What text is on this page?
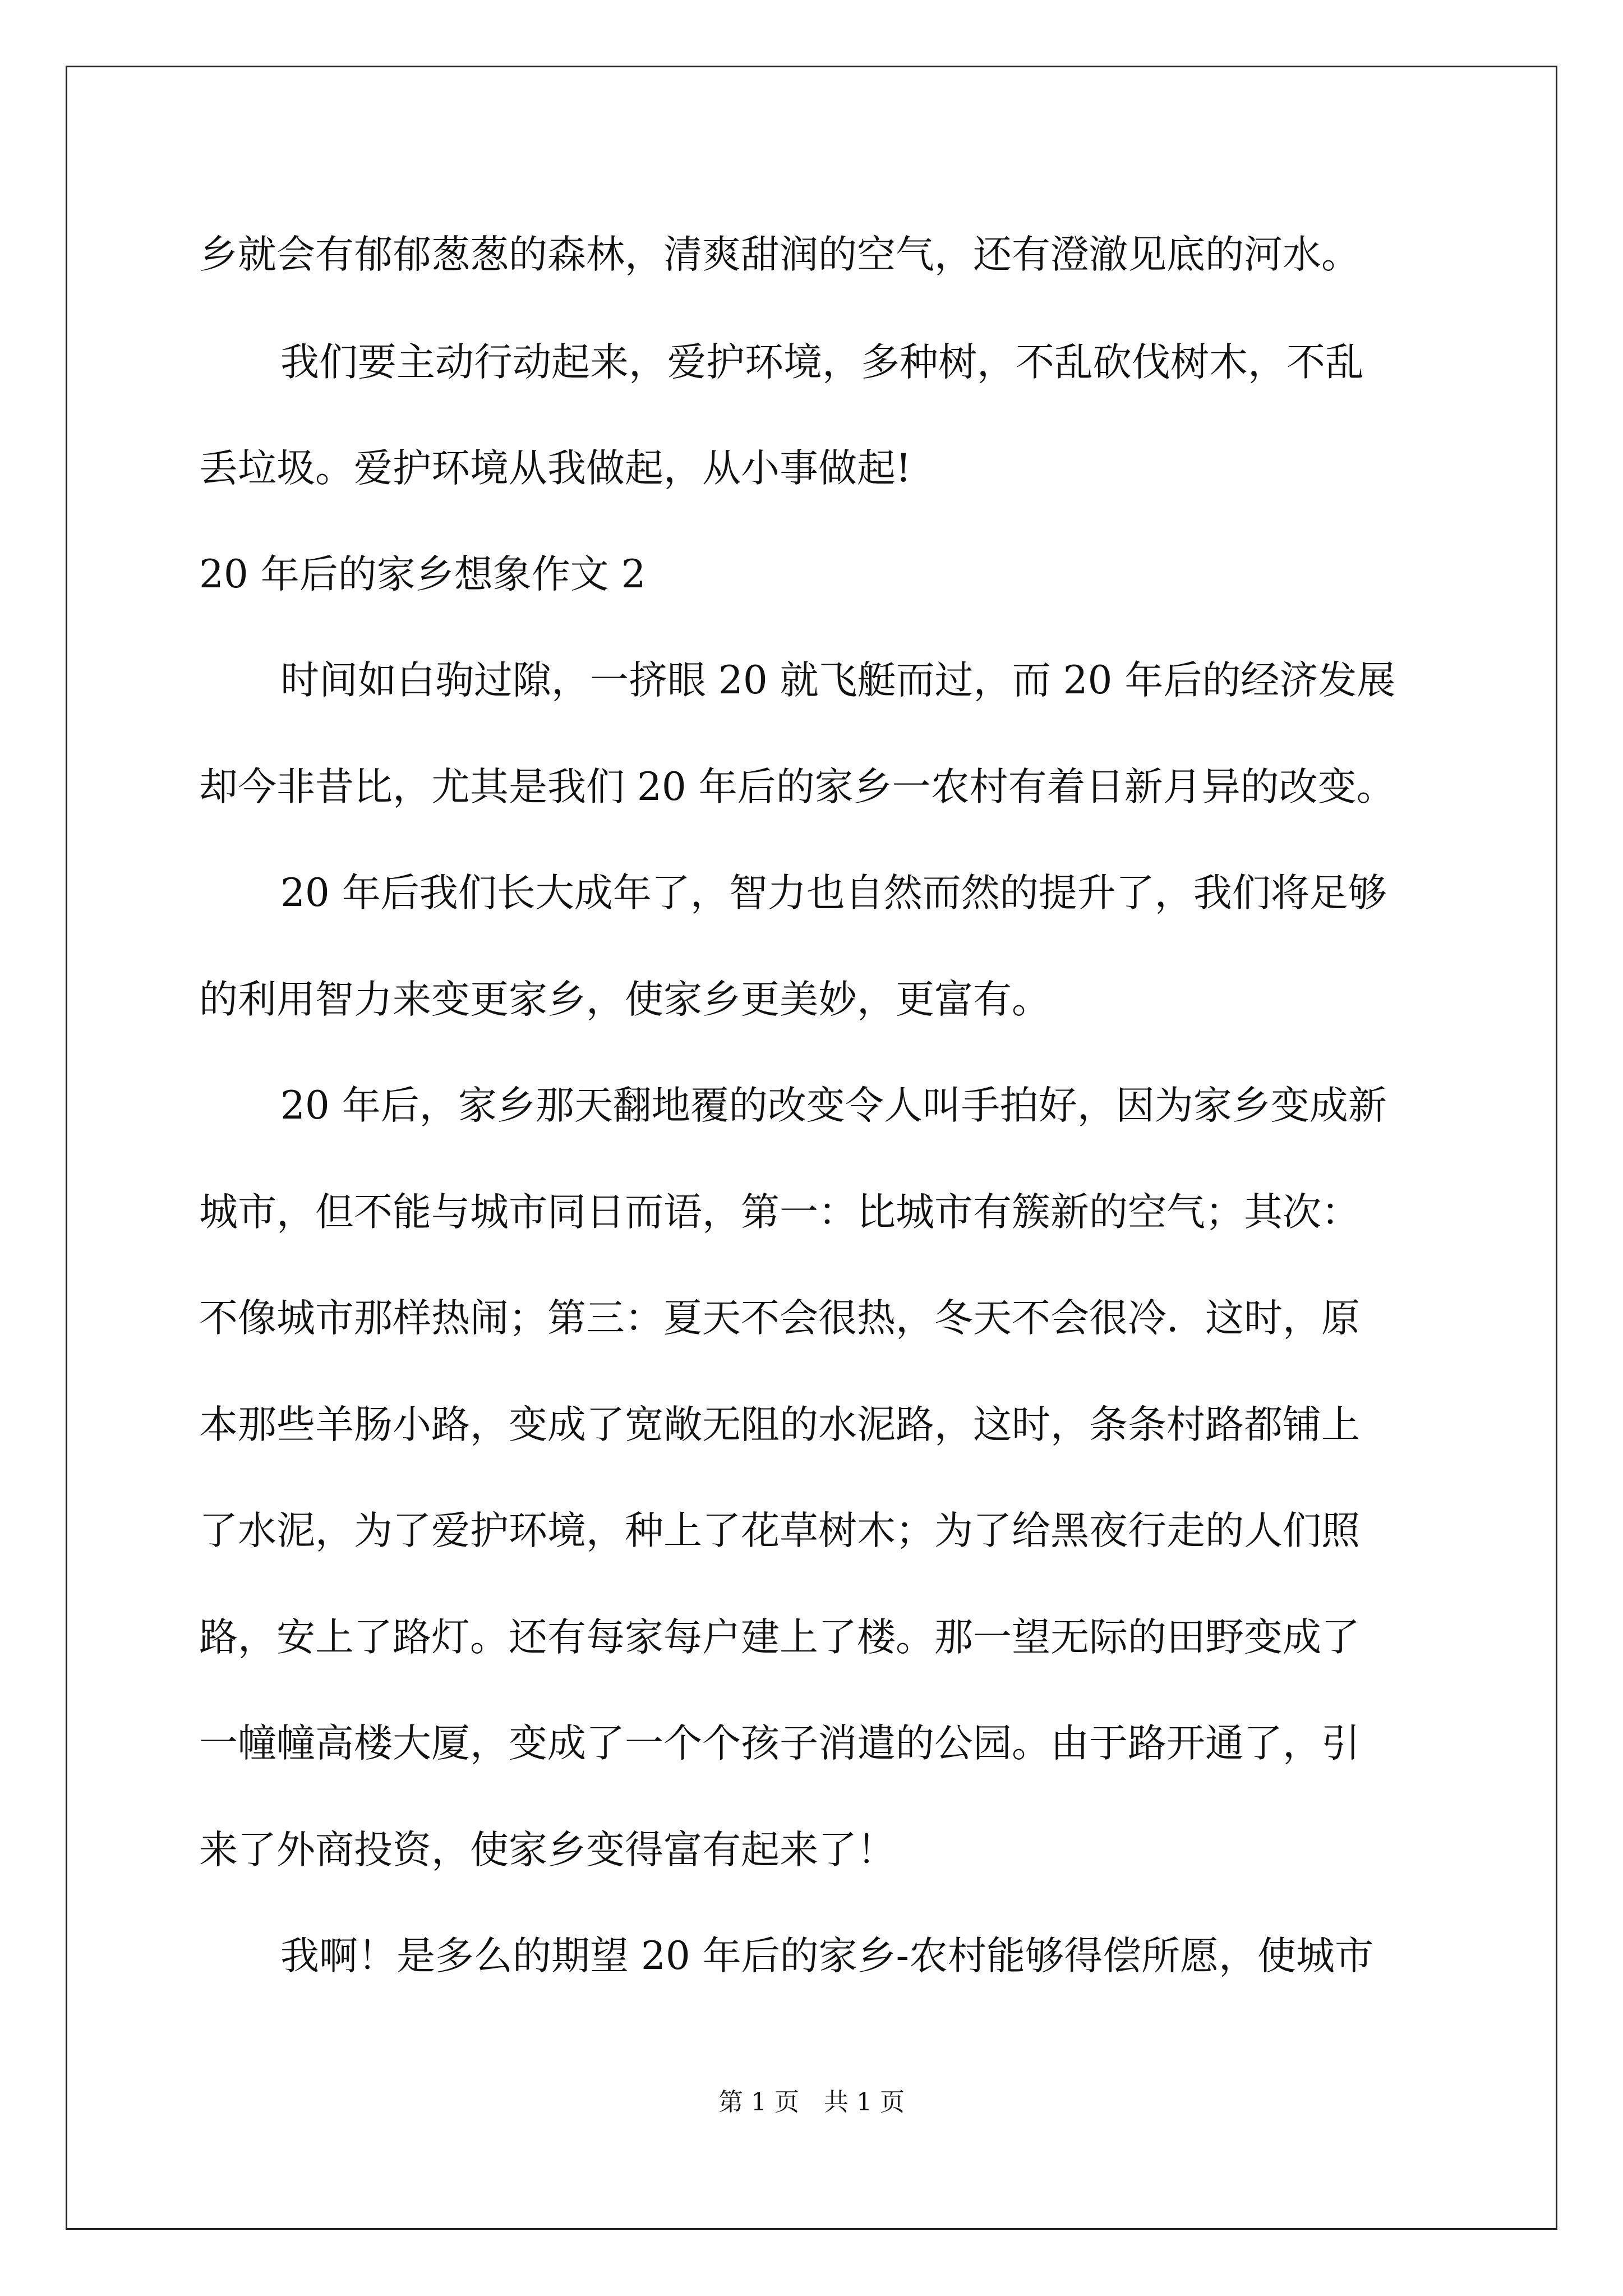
乡就会有郁郁葱葱的森林，清爽甜润的空气，还有澄澈见底的河水。
我们要主动行动起来，爱护环境，多种树，不乱砍伐树木，不乱
丢垃圾。爱护环境从我做起，从小事做起!
20 年后的家乡想象作文 2
时间如白驹过隙，一挤眼 20 就飞艇而过，而 20 年后的经济发展
却今非昔比，尤其是我们 20 年后的家乡一农村有着日新月异的改变。
20 年后我们长大成年了，智力也自然而然的提升了，我们将足够
的利用智力来变更家乡，使家乡更美妙，更富有。
20 年后，家乡那天翻地覆的改变令人叫手拍好，因为家乡变成新
城市，但不能与城市同日而语，第一：比城市有簇新的空气；其次：
不像城市那样热闹；第三：夏天不会很热，冬天不会很冷．这时，原
本那些羊肠小路，变成了宽敞无阻的水泥路，这时，条条村路都铺上
了水泥，为了爱护环境，种上了花草树木；为了给黑夜行走的人们照
路，安上了路灯。还有每家每户建上了楼。那一望无际的田野变成了
一幢幢高楼大厦，变成了一个个孩子消遣的公园。由于路开通了，引
来了外商投资，使家乡变得富有起来了！
我啊！是多么的期望 20 年后的家乡-农村能够得偿所愿，使城市
第 1 页　共 1 页
